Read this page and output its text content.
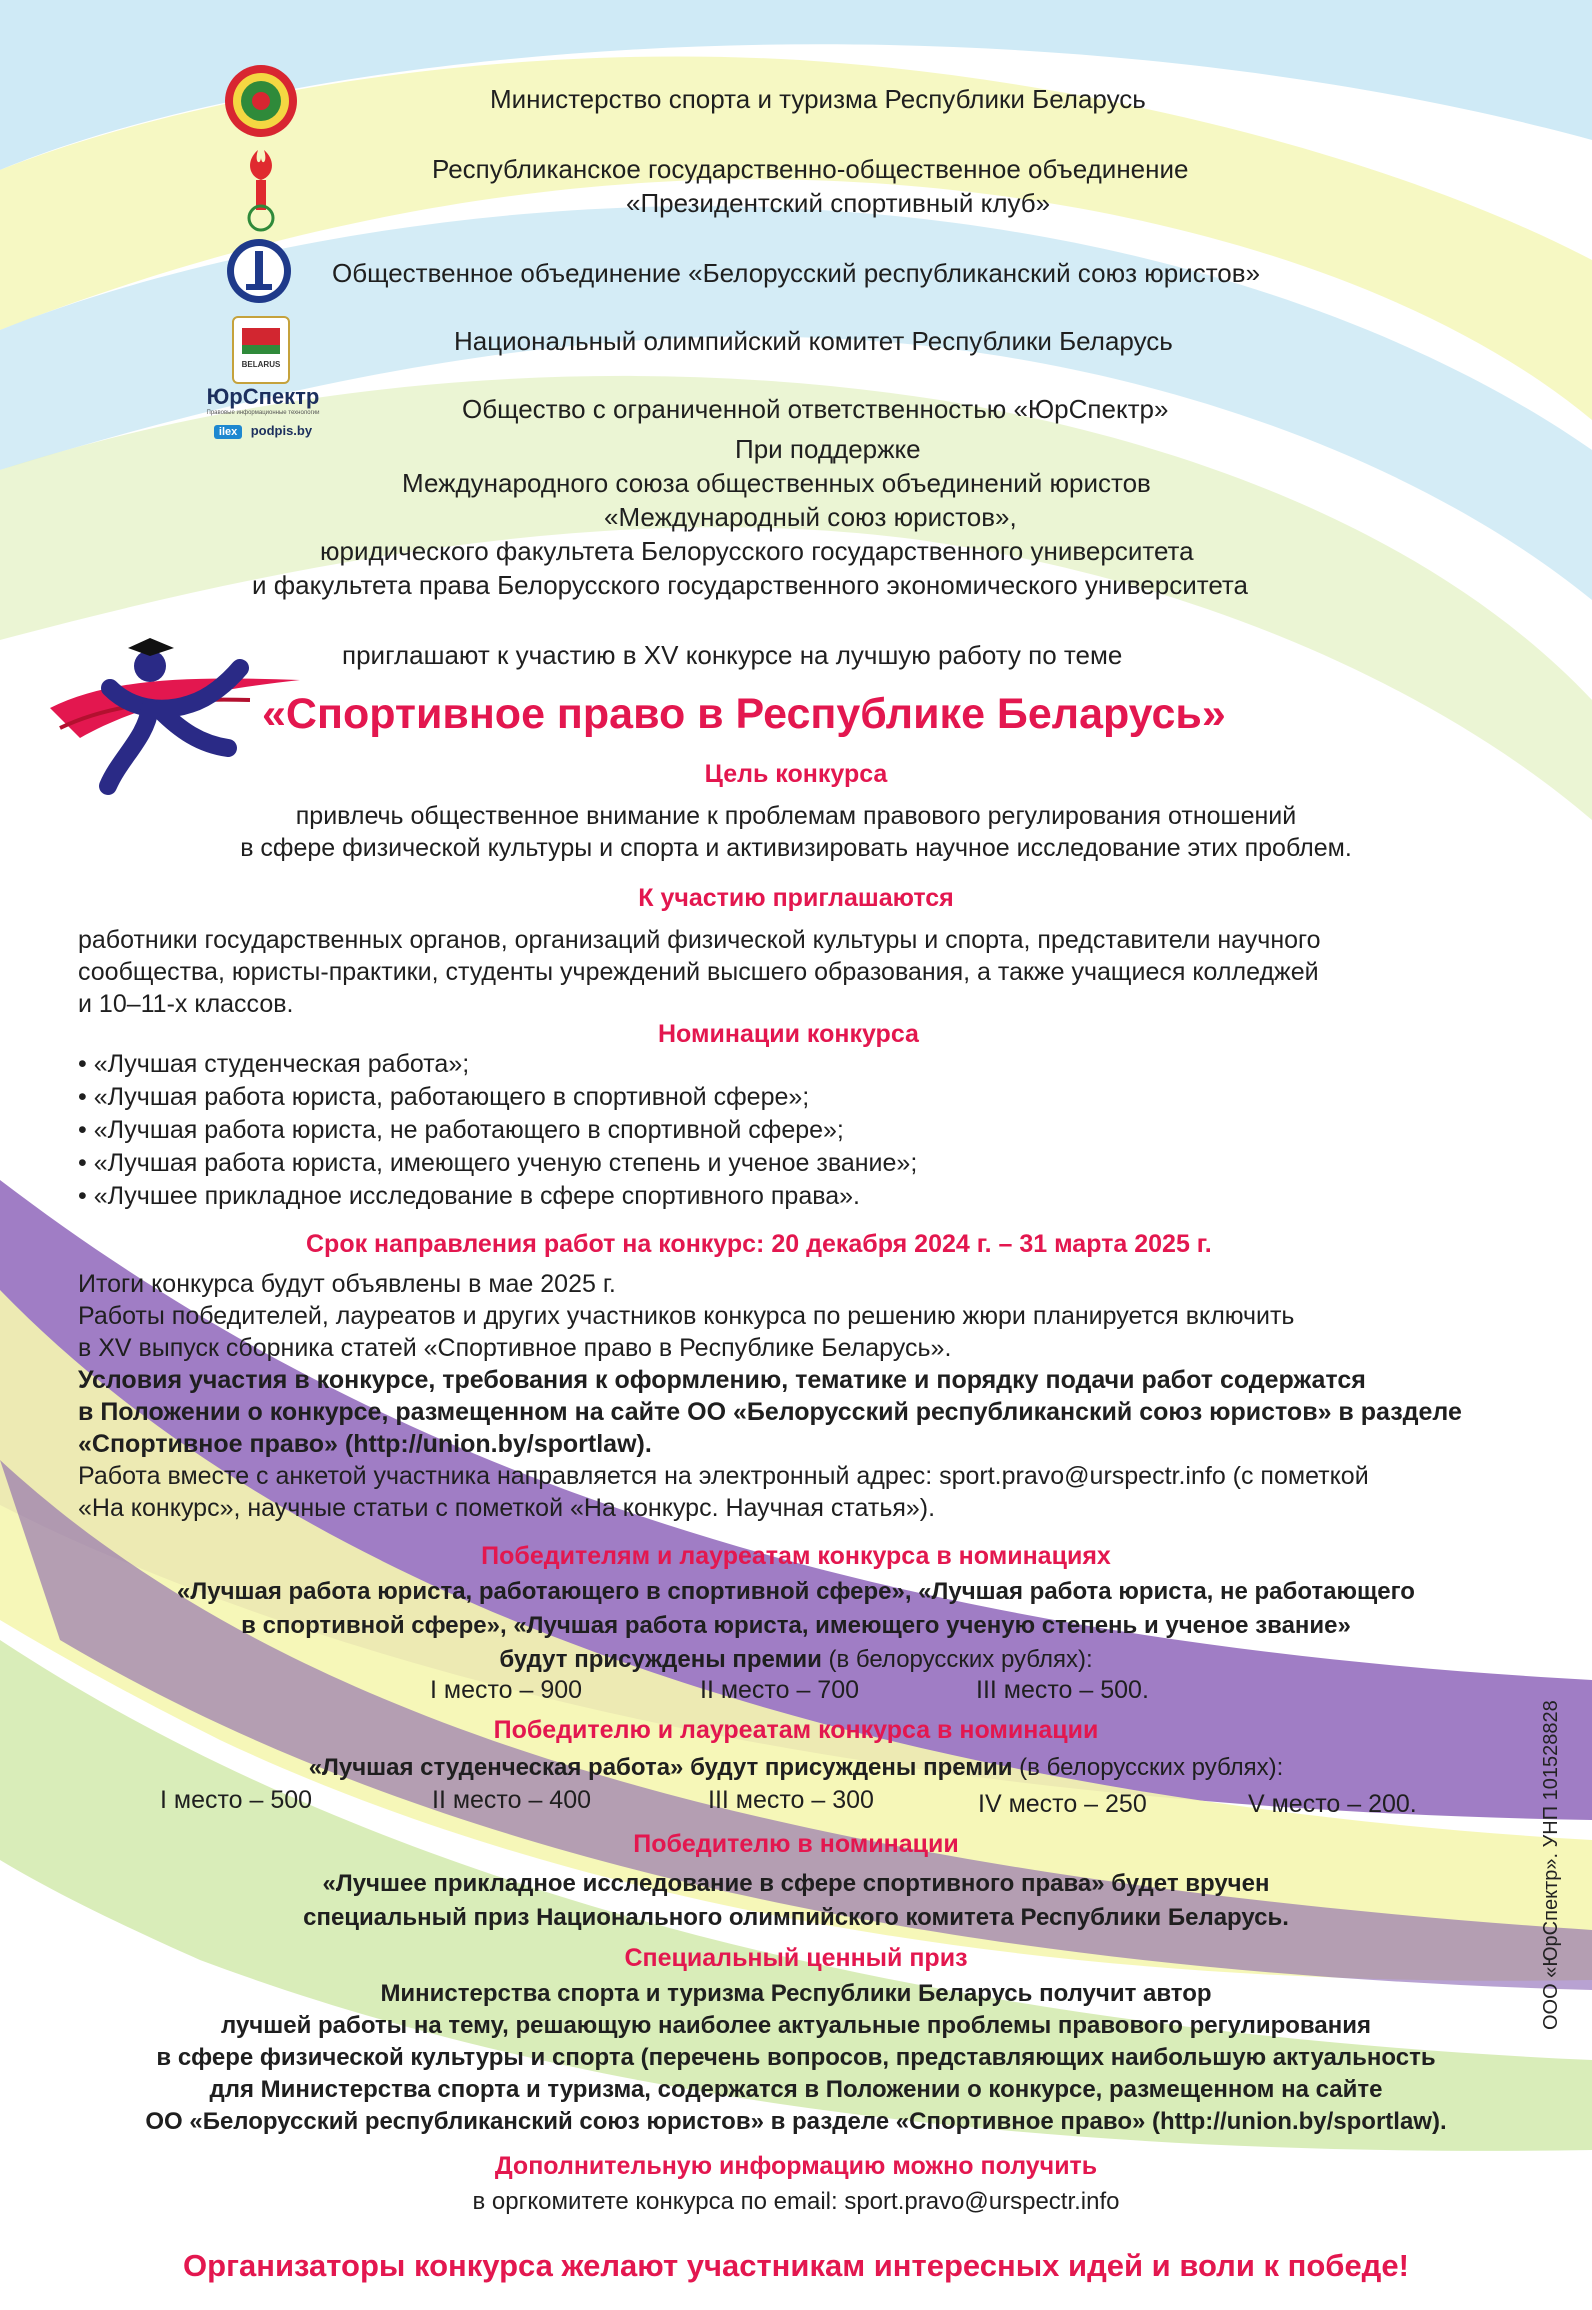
BELARUS
ЮрСпектр
Правовые информационные технологии
ilex podpis.by
Министерство спорта и туризма Республики Беларусь
Республиканское государственно-общественное объединение
«Президентский спортивный клуб»
Общественное объединение «Белорусский республиканский союз юристов»
Национальный олимпийский комитет Республики Беларусь
Общество с ограниченной ответственностью «ЮрСпектр»
При поддержке
Международного союза общественных объединений юристов
«Международный союз юристов»,
юридического факультета Белорусского государственного университета
и факультета права Белорусского государственного экономического университета
приглашают к участию в XV конкурсе на лучшую работу по теме
«Спортивное право в Республике Беларусь»
Цель конкурса
привлечь общественное внимание к проблемам правового регулирования отношений
в сфере физической культуры и спорта и активизировать научное исследование этих проблем.
К участию приглашаются
работники государственных органов, организаций физической культуры и спорта, представители научного
сообщества, юристы-практики, студенты учреждений высшего образования, а также учащиеся колледжей
и 10–11-х классов.
Номинации конкурса
• «Лучшая студенческая работа»;
• «Лучшая работа юриста, работающего в спортивной сфере»;
• «Лучшая работа юриста, не работающего в спортивной сфере»;
• «Лучшая работа юриста, имеющего ученую степень и ученое звание»;
• «Лучшее прикладное исследование в сфере спортивного права».
Срок направления работ на конкурс: 20 декабря 2024 г. – 31 марта 2025 г.
Итоги конкурса будут объявлены в мае 2025 г.
Работы победителей, лауреатов и других участников конкурса по решению жюри планируется включить
в XV выпуск сборника статей «Спортивное право в Республике Беларусь».
Условия участия в конкурсе, требования к оформлению, тематике и порядку подачи работ содержатся
в Положении о конкурсе, размещенном на сайте ОО «Белорусский республиканский союз юристов» в разделе
«Спортивное право» (http://union.by/sportlaw).
Работа вместе с анкетой участника направляется на электронный адрес: sport.pravo@urspectr.info (с пометкой
«На конкурс», научные статьи с пометкой «На конкурс. Научная статья»).
Победителям и лауреатам конкурса в номинациях
«Лучшая работа юриста, работающего в спортивной сфере», «Лучшая работа юриста, не работающего
в спортивной сфере», «Лучшая работа юриста, имеющего ученую степень и ученое звание»
будут присуждены премии (в белорусских рублях):
I место – 900	II место – 700	III место – 500.
Победителю и лауреатам конкурса в номинации
«Лучшая студенческая работа» будут присуждены премии (в белорусских рублях):
I место – 500	II место – 400	III место – 300	IV место – 250	V место – 200.
Победителю в номинации
«Лучшее прикладное исследование в сфере спортивного права» будет вручен
специальный приз Национального олимпийского комитета Республики Беларусь.
Специальный ценный приз
Министерства спорта и туризма Республики Беларусь получит автор
лучшей работы на тему, решающую наиболее актуальные проблемы правового регулирования
в сфере физической культуры и спорта (перечень вопросов, представляющих наибольшую актуальность
для Министерства спорта и туризма, содержатся в Положении о конкурсе, размещенном на сайте
ОО «Белорусский республиканский союз юристов» в разделе «Спортивное право» (http://union.by/sportlaw).
Дополнительную информацию можно получить
в оргкомитете конкурса по email: sport.pravo@urspectr.info
Организаторы конкурса желают участникам интересных идей и воли к победе!
ООО «ЮрСпектр». УНП 101528828
